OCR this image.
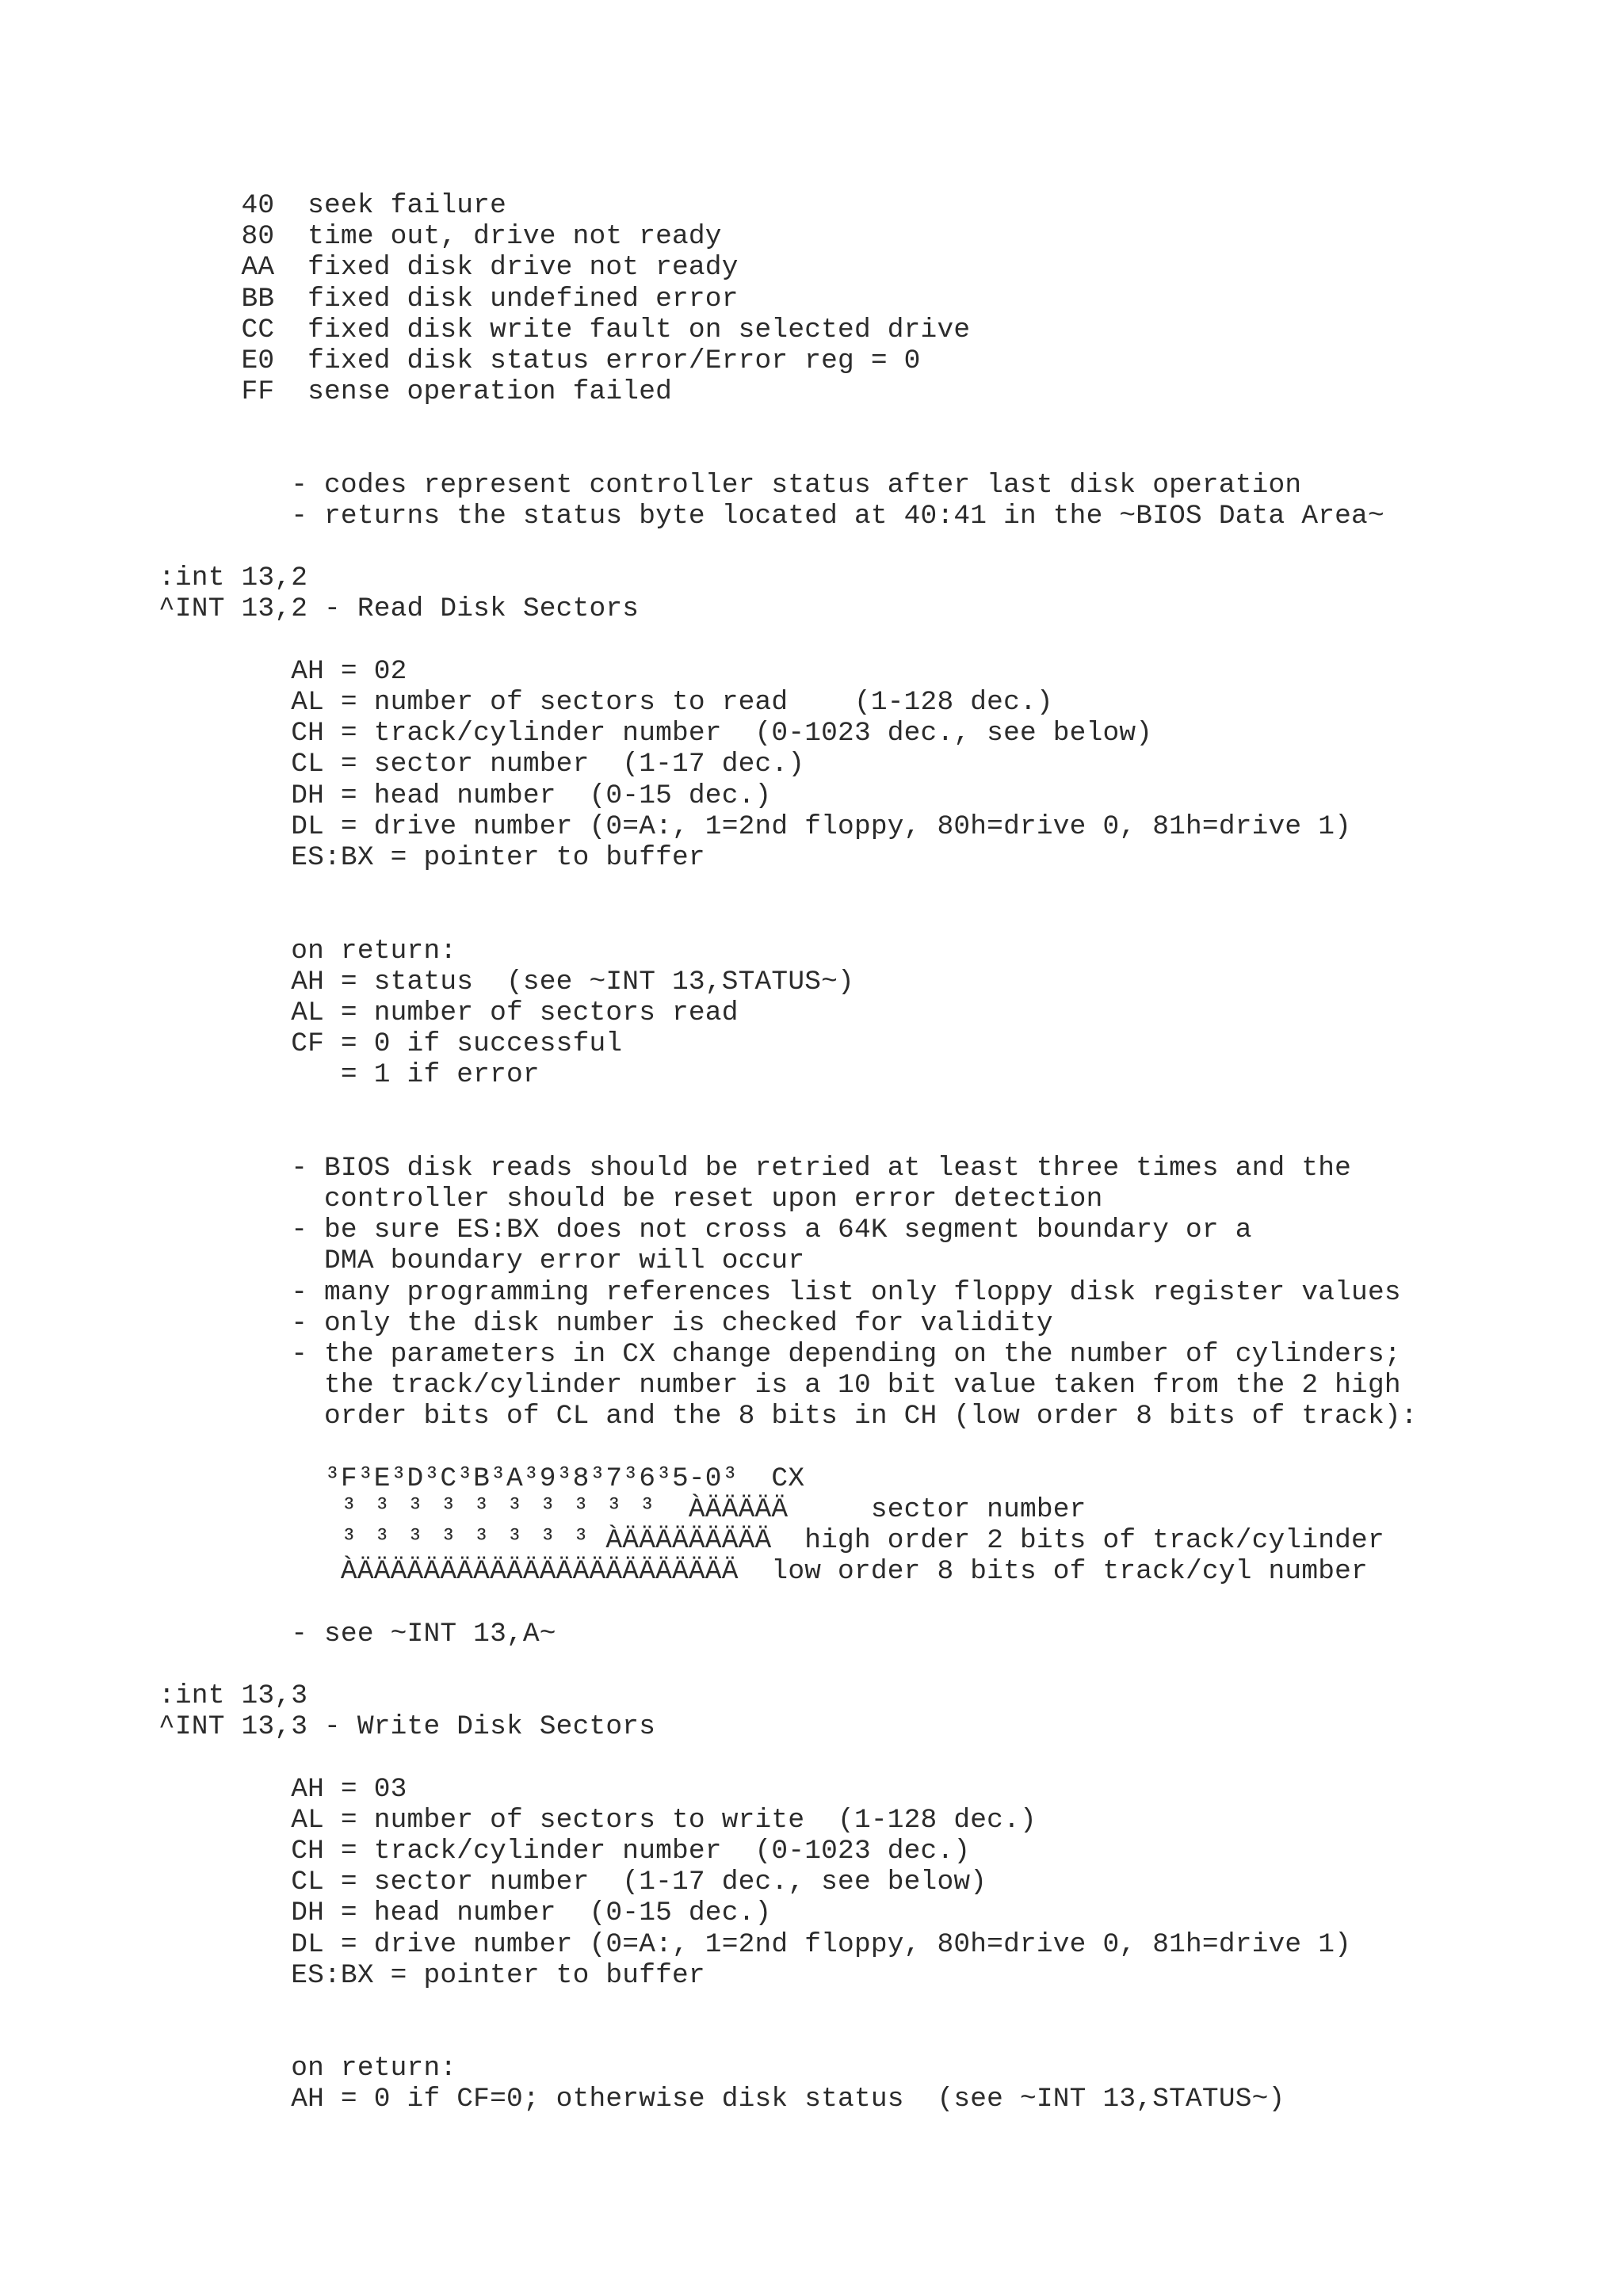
40  seek failure
80  time out, drive not ready
AA  fixed disk drive not ready
BB  fixed disk undefined error
CC  fixed disk write fault on selected drive
E0  fixed disk status error/Error reg = 0
FF  sense operation failed

- codes represent controller status after last disk operation
- returns the status byte located at 40:41 in the ~BIOS Data Area~

:int 13,2
^INT 13,2 - Read Disk Sectors

AH = 02
AL = number of sectors to read    (1-128 dec.)
CH = track/cylinder number  (0-1023 dec., see below)
CL = sector number  (1-17 dec.)
DH = head number  (0-15 dec.)
DL = drive number (0=A:, 1=2nd floppy, 80h=drive 0, 81h=drive 1)
ES:BX = pointer to buffer

on return:
AH = status  (see ~INT 13,STATUS~)
AL = number of sectors read
CF = 0 if successful
= 1 if error

- BIOS disk reads should be retried at least three times and the
controller should be reset upon error detection
- be sure ES:BX does not cross a 64K segment boundary or a
DMA boundary error will occur
- many programming references list only floppy disk register values
- only the disk number is checked for validity
- the parameters in CX change depending on the number of cylinders;
the track/cylinder number is a 10 bit value taken from the 2 high
order bits of CL and the 8 bits in CH (low order 8 bits of track):

³F³E³D³C³B³A³9³8³7³6³5-0³  CX
³ ³ ³ ³ ³ ³ ³ ³ ³ ³  ÀÄÄÄÄÄ     sector number
³ ³ ³ ³ ³ ³ ³ ³ ÀÄÄÄÄÄÄÄÄÄ  high order 2 bits of track/cylinder
ÀÄÄÄÄÄÄÄÄÄÄÄÄÄÄÄÄÄÄÄÄÄÄÄ  low order 8 bits of track/cyl number

- see ~INT 13,A~

:int 13,3
^INT 13,3 - Write Disk Sectors

AH = 03
AL = number of sectors to write  (1-128 dec.)
CH = track/cylinder number  (0-1023 dec.)
CL = sector number  (1-17 dec., see below)
DH = head number  (0-15 dec.)
DL = drive number (0=A:, 1=2nd floppy, 80h=drive 0, 81h=drive 1)
ES:BX = pointer to buffer

on return:
AH = 0 if CF=0; otherwise disk status  (see ~INT 13,STATUS~)
